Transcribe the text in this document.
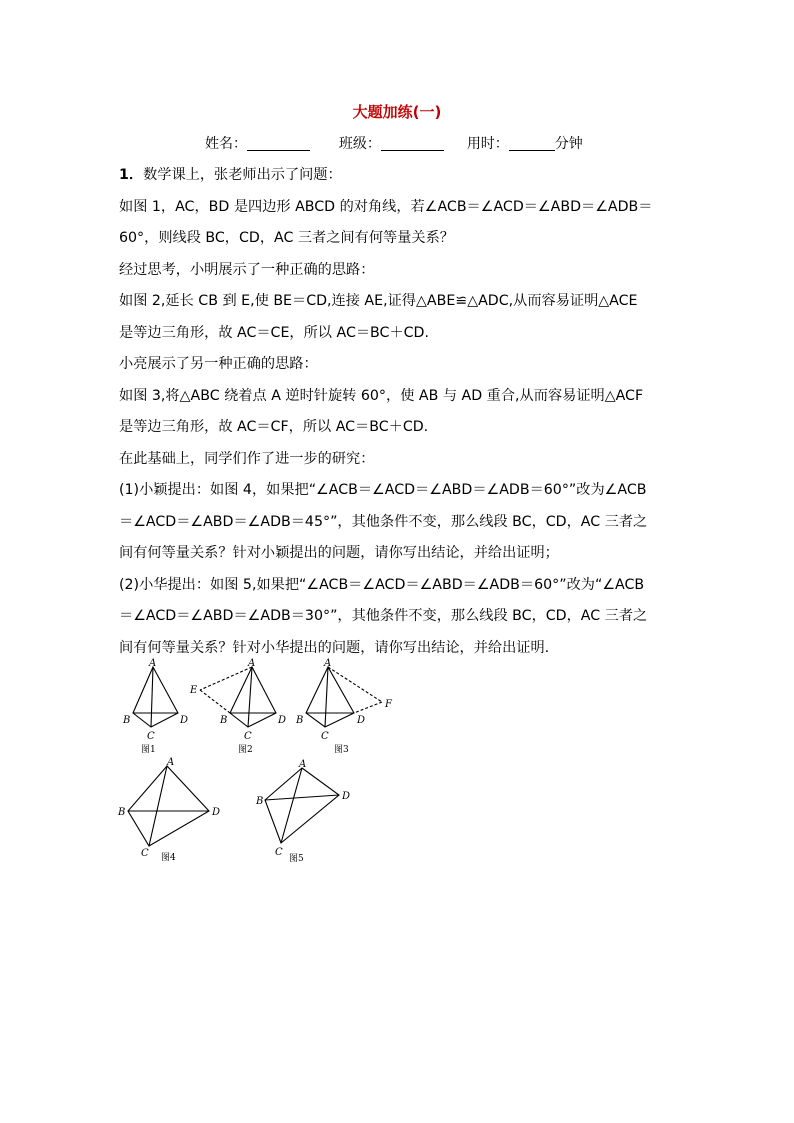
大题加练(一)
姓名：	班级：	用时：	分钟

1．数学课上，张老师出示了问题：

如图 1，AC，BD 是四边形 ABCD 的对角线，若∠ACB＝∠ACD＝∠ABD＝∠ADB＝

60°，则线段 BC，CD，AC 三者之间有何等量关系？

经过思考，小明展示了一种正确的思路：

如图 2,延长 CB 到 E,使 BE＝CD,连接 AE,证得△ABE≌△ADC,从而容易证明△ACE

是等边三角形，故 AC＝CE，所以 AC＝BC＋CD.

小亮展示了另一种正确的思路：

如图 3,将△ABC 绕着点 A 逆时针旋转 60°，使 AB 与 AD 重合,从而容易证明△ACF

是等边三角形，故 AC＝CF，所以 AC＝BC＋CD.

在此基础上，同学们作了进一步的研究：

(1)小颖提出：如图 4，如果把“∠ACB＝∠ACD＝∠ABD＝∠ADB＝60°”改为∠ACB

＝∠ACD＝∠ABD＝∠ADB＝45°”，其他条件不变，那么线段 BC，CD，AC 三者之

间有何等量关系？针对小颖提出的问题，请你写出结论，并给出证明；

(2)小华提出：如图 5,如果把“∠ACB＝∠ACD＝∠ABD＝∠ADB＝60°”改为“∠ACB

＝∠ACD＝∠ABD＝∠ADB＝30°”，其他条件不变，那么线段 BC，CD，AC 三者之

间有何等量关系？针对小华提出的问题，请你写出结论，并给出证明.

A
B
C
D
图1
A
E
B
C
D
图2
A
F
B
C
D
图3
A
B
C
D
图4
A
B
C
D
图5
